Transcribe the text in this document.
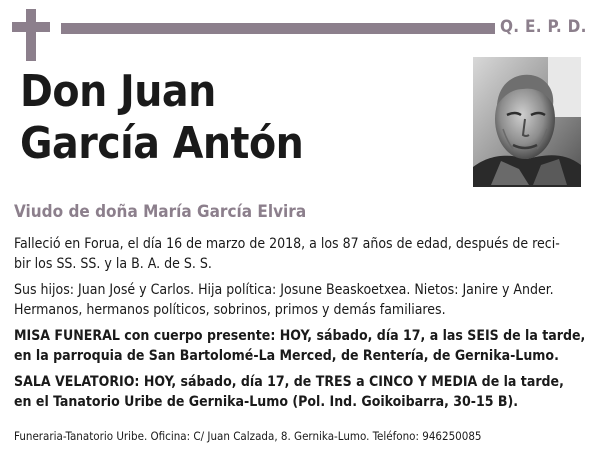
Q. E. P. D.
Don Juan
García Antón
Viudo de doña María García Elvira
Falleció en Forua, el día 16 de marzo de 2018, a los 87 años de edad, después de reci-
bir los SS. SS. y la B. A. de S. S.
Sus hijos: Juan José y Carlos. Hija política: Josune Beaskoetxea. Nietos: Janire y Ander.
Hermanos, hermanos políticos, sobrinos, primos y demás familiares.
MISA FUNERAL con cuerpo presente: HOY, sábado, día 17, a las SEIS de la tarde,
en la parroquia de San Bartolomé-La Merced, de Rentería, de Gernika-Lumo.
SALA VELATORIO: HOY, sábado, día 17, de TRES a CINCO Y MEDIA de la tarde,
en el Tanatorio Uribe de Gernika-Lumo (Pol. Ind. Goikoibarra, 30-15 B).
Funeraria-Tanatorio Uribe. Oficina: C/ Juan Calzada, 8. Gernika-Lumo. Teléfono: 946250085
